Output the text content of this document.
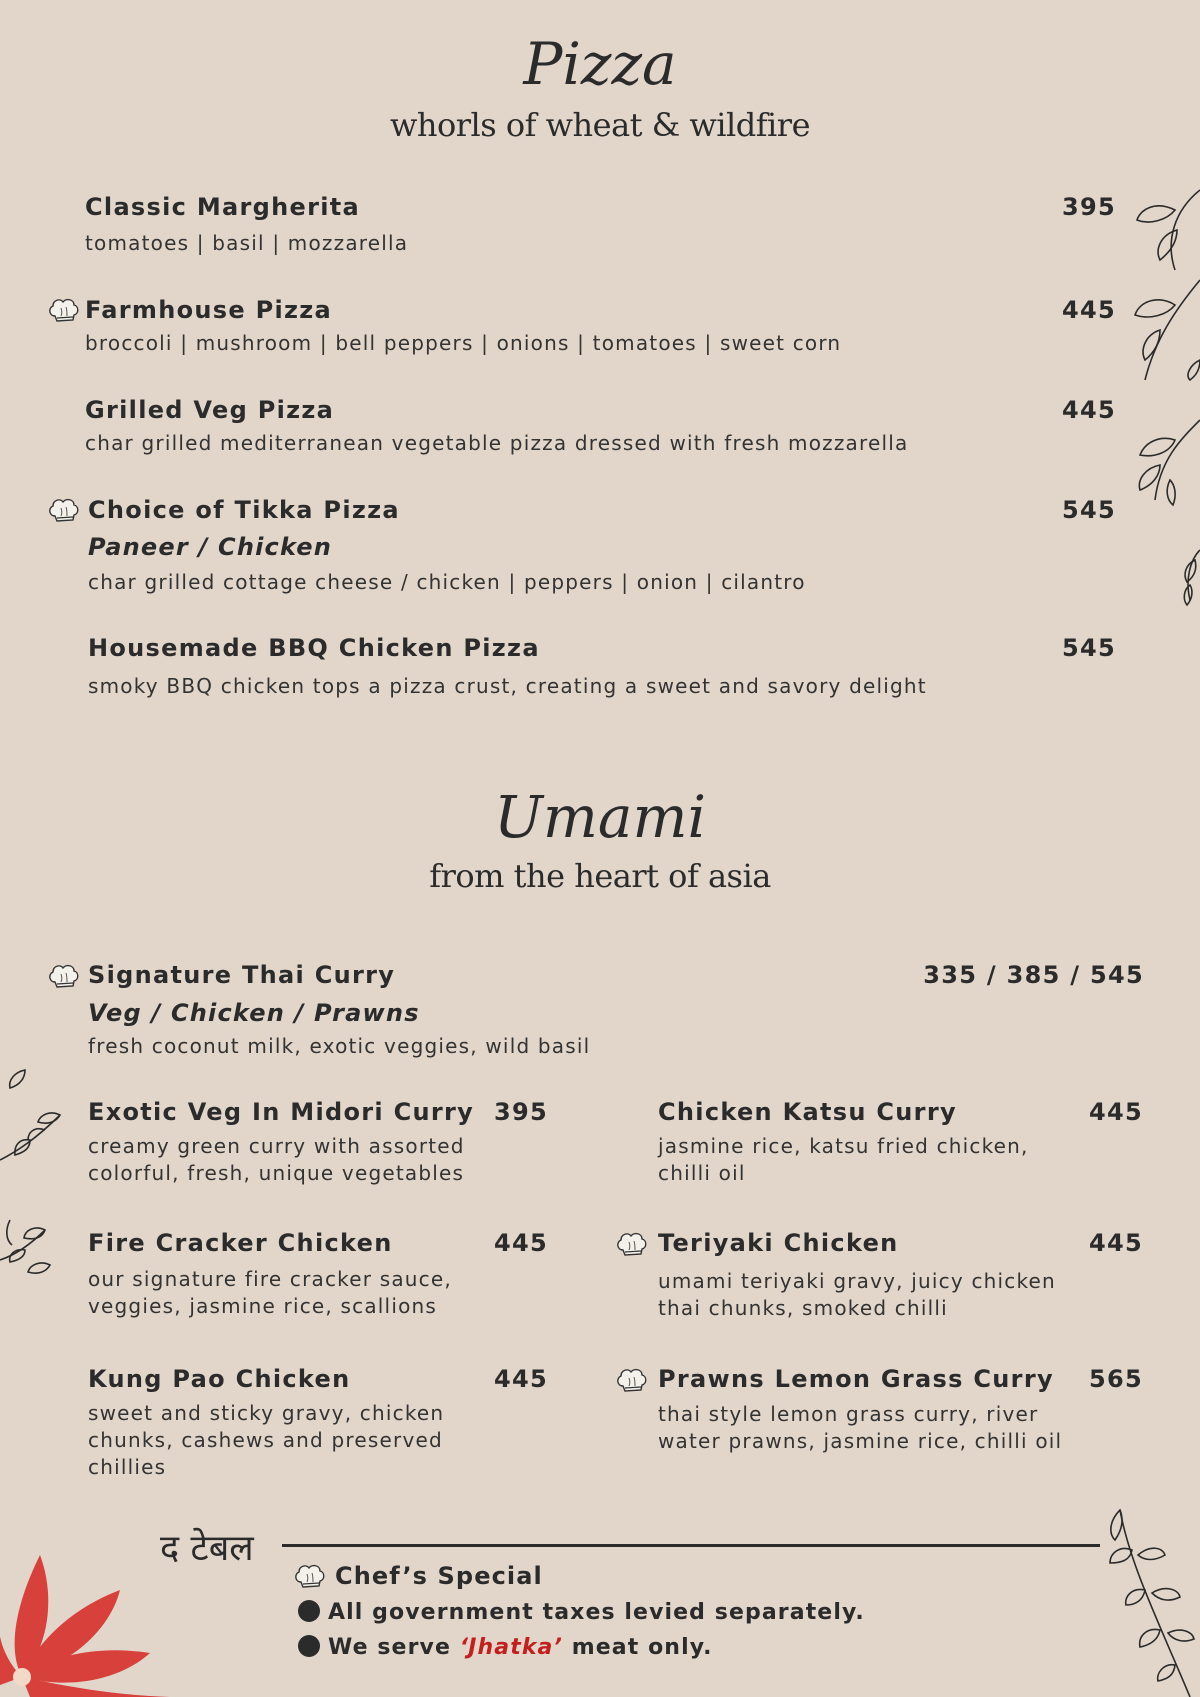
Pizza
whorls of wheat & wildfire
Classic Margherita	395
tomatoes | basil | mozzarella
Farmhouse Pizza	445
broccoli | mushroom | bell peppers | onions | tomatoes | sweet corn
Grilled Veg Pizza	445
char grilled mediterranean vegetable pizza dressed with fresh mozzarella
Choice of Tikka Pizza	545
Paneer / Chicken
char grilled cottage cheese / chicken | peppers | onion | cilantro
Housemade BBQ Chicken Pizza	545
smoky BBQ chicken tops a pizza crust, creating a sweet and savory delight
Umami
from the heart of asia
Signature Thai Curry	335 / 385 / 545
Veg / Chicken / Prawns
fresh coconut milk, exotic veggies, wild basil
Exotic Veg In Midori Curry 395
creamy green curry with assorted
colorful, fresh, unique vegetables
Fire Cracker Chicken	445
our signature fire cracker sauce,
veggies, jasmine rice, scallions
Kung Pao Chicken	445
sweet and sticky gravy, chicken
chunks, cashews and preserved
chillies
Chicken Katsu Curry	445
jasmine rice, katsu fried chicken,
chilli oil
Teriyaki Chicken	445
umami teriyaki gravy, juicy chicken
thai chunks, smoked chilli
Prawns Lemon Grass Curry 565
thai style lemon grass curry, river
water prawns, jasmine rice, chilli oil
द टेबल
Chef’s Special
All government taxes levied separately.
We serve ‘Jhatka’ meat only.
